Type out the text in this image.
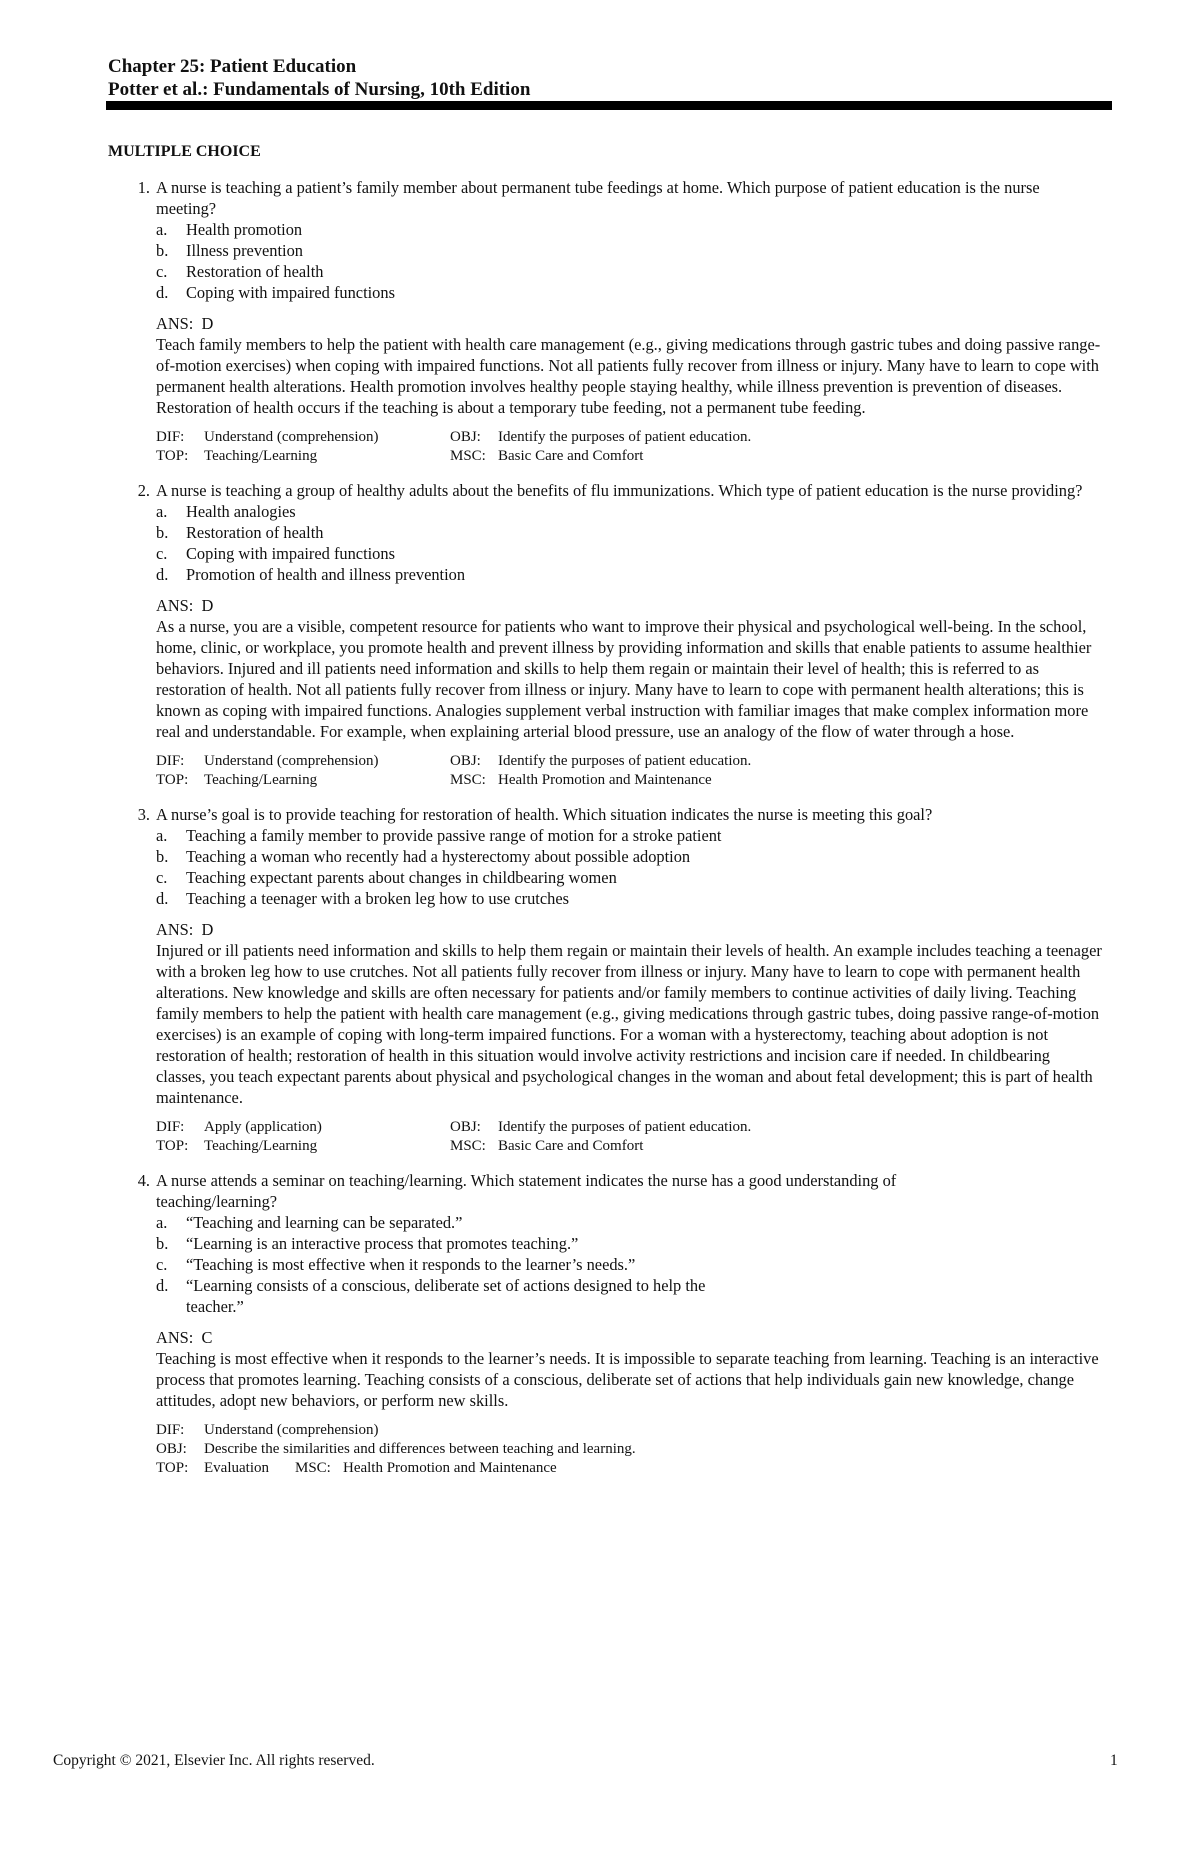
Chapter 25: Patient Education
Potter et al.: Fundamentals of Nursing, 10th Edition
MULTIPLE CHOICE
1. A nurse is teaching a patient’s family member about permanent tube feedings at home. Which purpose of patient education is the nurse meeting?

a. Health promotion
b. Illness prevention
c. Restoration of health
d. Coping with impaired functions
ANS: D

Teach family members to help the patient with health care management (e.g., giving medications through gastric tubes and doing passive range-of-motion exercises) when coping with impaired functions. Not all patients fully recover from illness or injury. Many have to learn to cope with permanent health alterations. Health promotion involves healthy people staying healthy, while illness prevention is prevention of diseases. Restoration of health occurs if the teaching is about a temporary tube feeding, not a permanent tube feeding.

DIF:	Understand (comprehension)	OBJ:	Identify the purposes of patient education.
TOP:	Teaching/Learning	MSC: Basic Care and Comfort
2. A nurse is teaching a group of healthy adults about the benefits of flu immunizations. Which type of patient education is the nurse providing?

a. Health analogies
b. Restoration of health
c. Coping with impaired functions
d. Promotion of health and illness prevention
ANS: D

As a nurse, you are a visible, competent resource for patients who want to improve their physical and psychological well-being. In the school, home, clinic, or workplace, you promote health and prevent illness by providing information and skills that enable patients to assume healthier behaviors. Injured and ill patients need information and skills to help them regain or maintain their level of health; this is referred to as restoration of health. Not all patients fully recover from illness or injury. Many have to learn to cope with permanent health alterations; this is known as coping with impaired functions. Analogies supplement verbal instruction with familiar images that make complex information more real and understandable. For example, when explaining arterial blood pressure, use an analogy of the flow of water through a hose.

DIF:	Understand (comprehension)	OBJ:	Identify the purposes of patient education.
TOP:	Teaching/Learning	MSC: Health Promotion and Maintenance
3. A nurse’s goal is to provide teaching for restoration of health. Which situation indicates the nurse is meeting this goal?

a. Teaching a family member to provide passive range of motion for a stroke patient
b. Teaching a woman who recently had a hysterectomy about possible adoption
c. Teaching expectant parents about changes in childbearing women
d. Teaching a teenager with a broken leg how to use crutches
ANS: D

Injured or ill patients need information and skills to help them regain or maintain their levels of health. An example includes teaching a teenager with a broken leg how to use crutches. Not all patients fully recover from illness or injury. Many have to learn to cope with permanent health alterations. New knowledge and skills are often necessary for patients and/or family members to continue activities of daily living. Teaching family members to help the patient with health care management (e.g., giving medications through gastric tubes, doing passive range-of-motion exercises) is an example of coping with long-term impaired functions. For a woman with a hysterectomy, teaching about adoption is not restoration of health; restoration of health in this situation would involve activity restrictions and incision care if needed. In childbearing classes, you teach expectant parents about physical and psychological changes in the woman and about fetal development; this is part of health maintenance.

DIF:	Apply (application)	OBJ:	Identify the purposes of patient education.
TOP:	Teaching/Learning	MSC: Basic Care and Comfort
4. A nurse attends a seminar on teaching/learning. Which statement indicates the nurse has a good understanding of teaching/learning?

a. “Teaching and learning can be separated.”
b. “Learning is an interactive process that promotes teaching.”
c. “Teaching is most effective when it responds to the learner’s needs.”
d. “Learning consists of a conscious, deliberate set of actions designed to help the teacher.”
ANS: C

Teaching is most effective when it responds to the learner’s needs. It is impossible to separate teaching from learning. Teaching is an interactive process that promotes learning. Teaching consists of a conscious, deliberate set of actions that help individuals gain new knowledge, change attitudes, adopt new behaviors, or perform new skills.

DIF:	Understand (comprehension)
OBJ:	Describe the similarities and differences between teaching and learning.
TOP:	Evaluation MSC: Health Promotion and Maintenance
Copyright © 2021, Elsevier Inc. All rights reserved.	1
